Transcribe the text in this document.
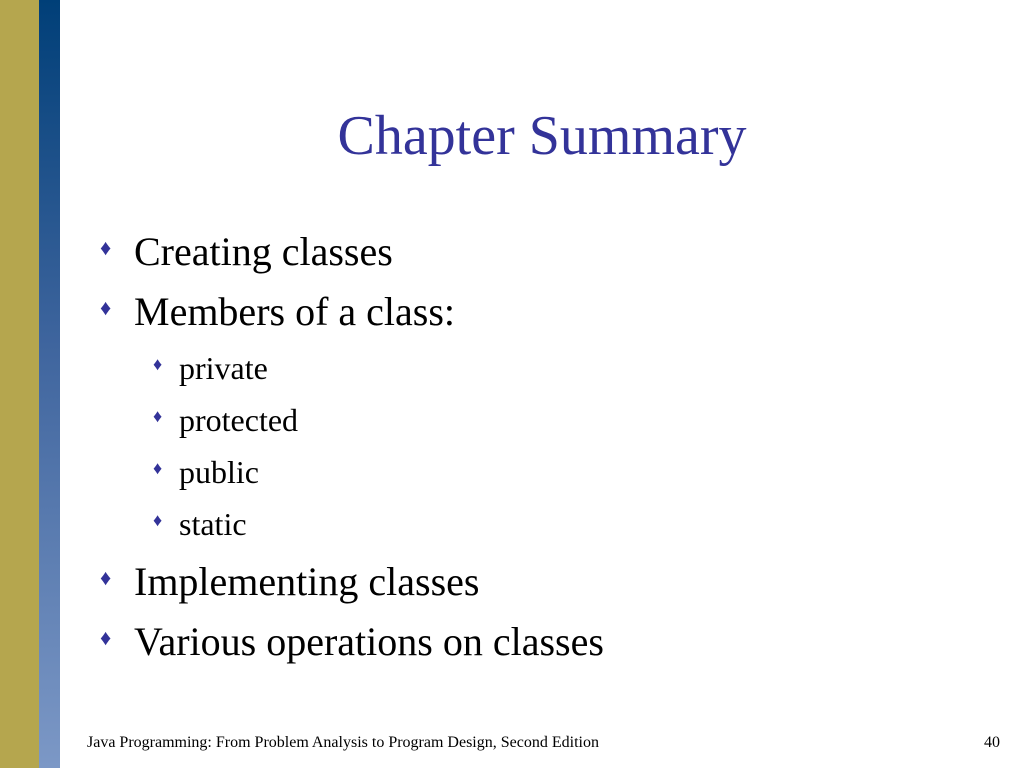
Chapter Summary
♦ Creating classes
♦ Members of a class:
♦ private
♦ protected
♦ public
♦ static
♦ Implementing classes
♦ Various operations on classes
Java Programming: From Problem Analysis to Program Design, Second Edition	40
